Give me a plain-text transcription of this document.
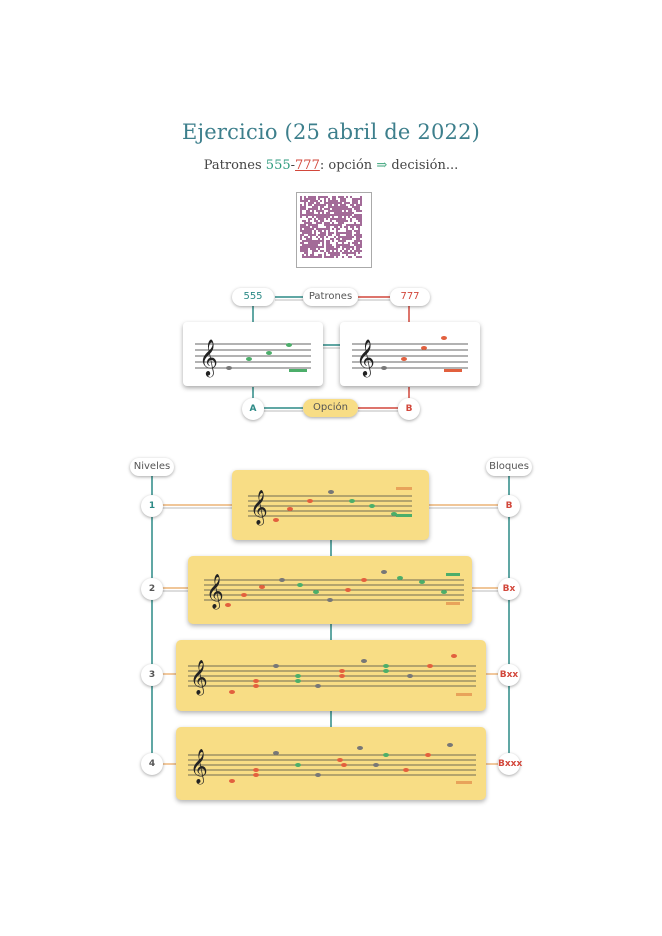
Ejercicio (25 abril de 2022)
Patrones 555-777: opción ⇒ decisión...
555	Patrones	777
𝄞	𝄞
A	Opción	B
Niveles	Bloques
1	B
2	Bx
3	Bxx
4	Bxxx
𝄞
𝄞
𝄞
𝄞
